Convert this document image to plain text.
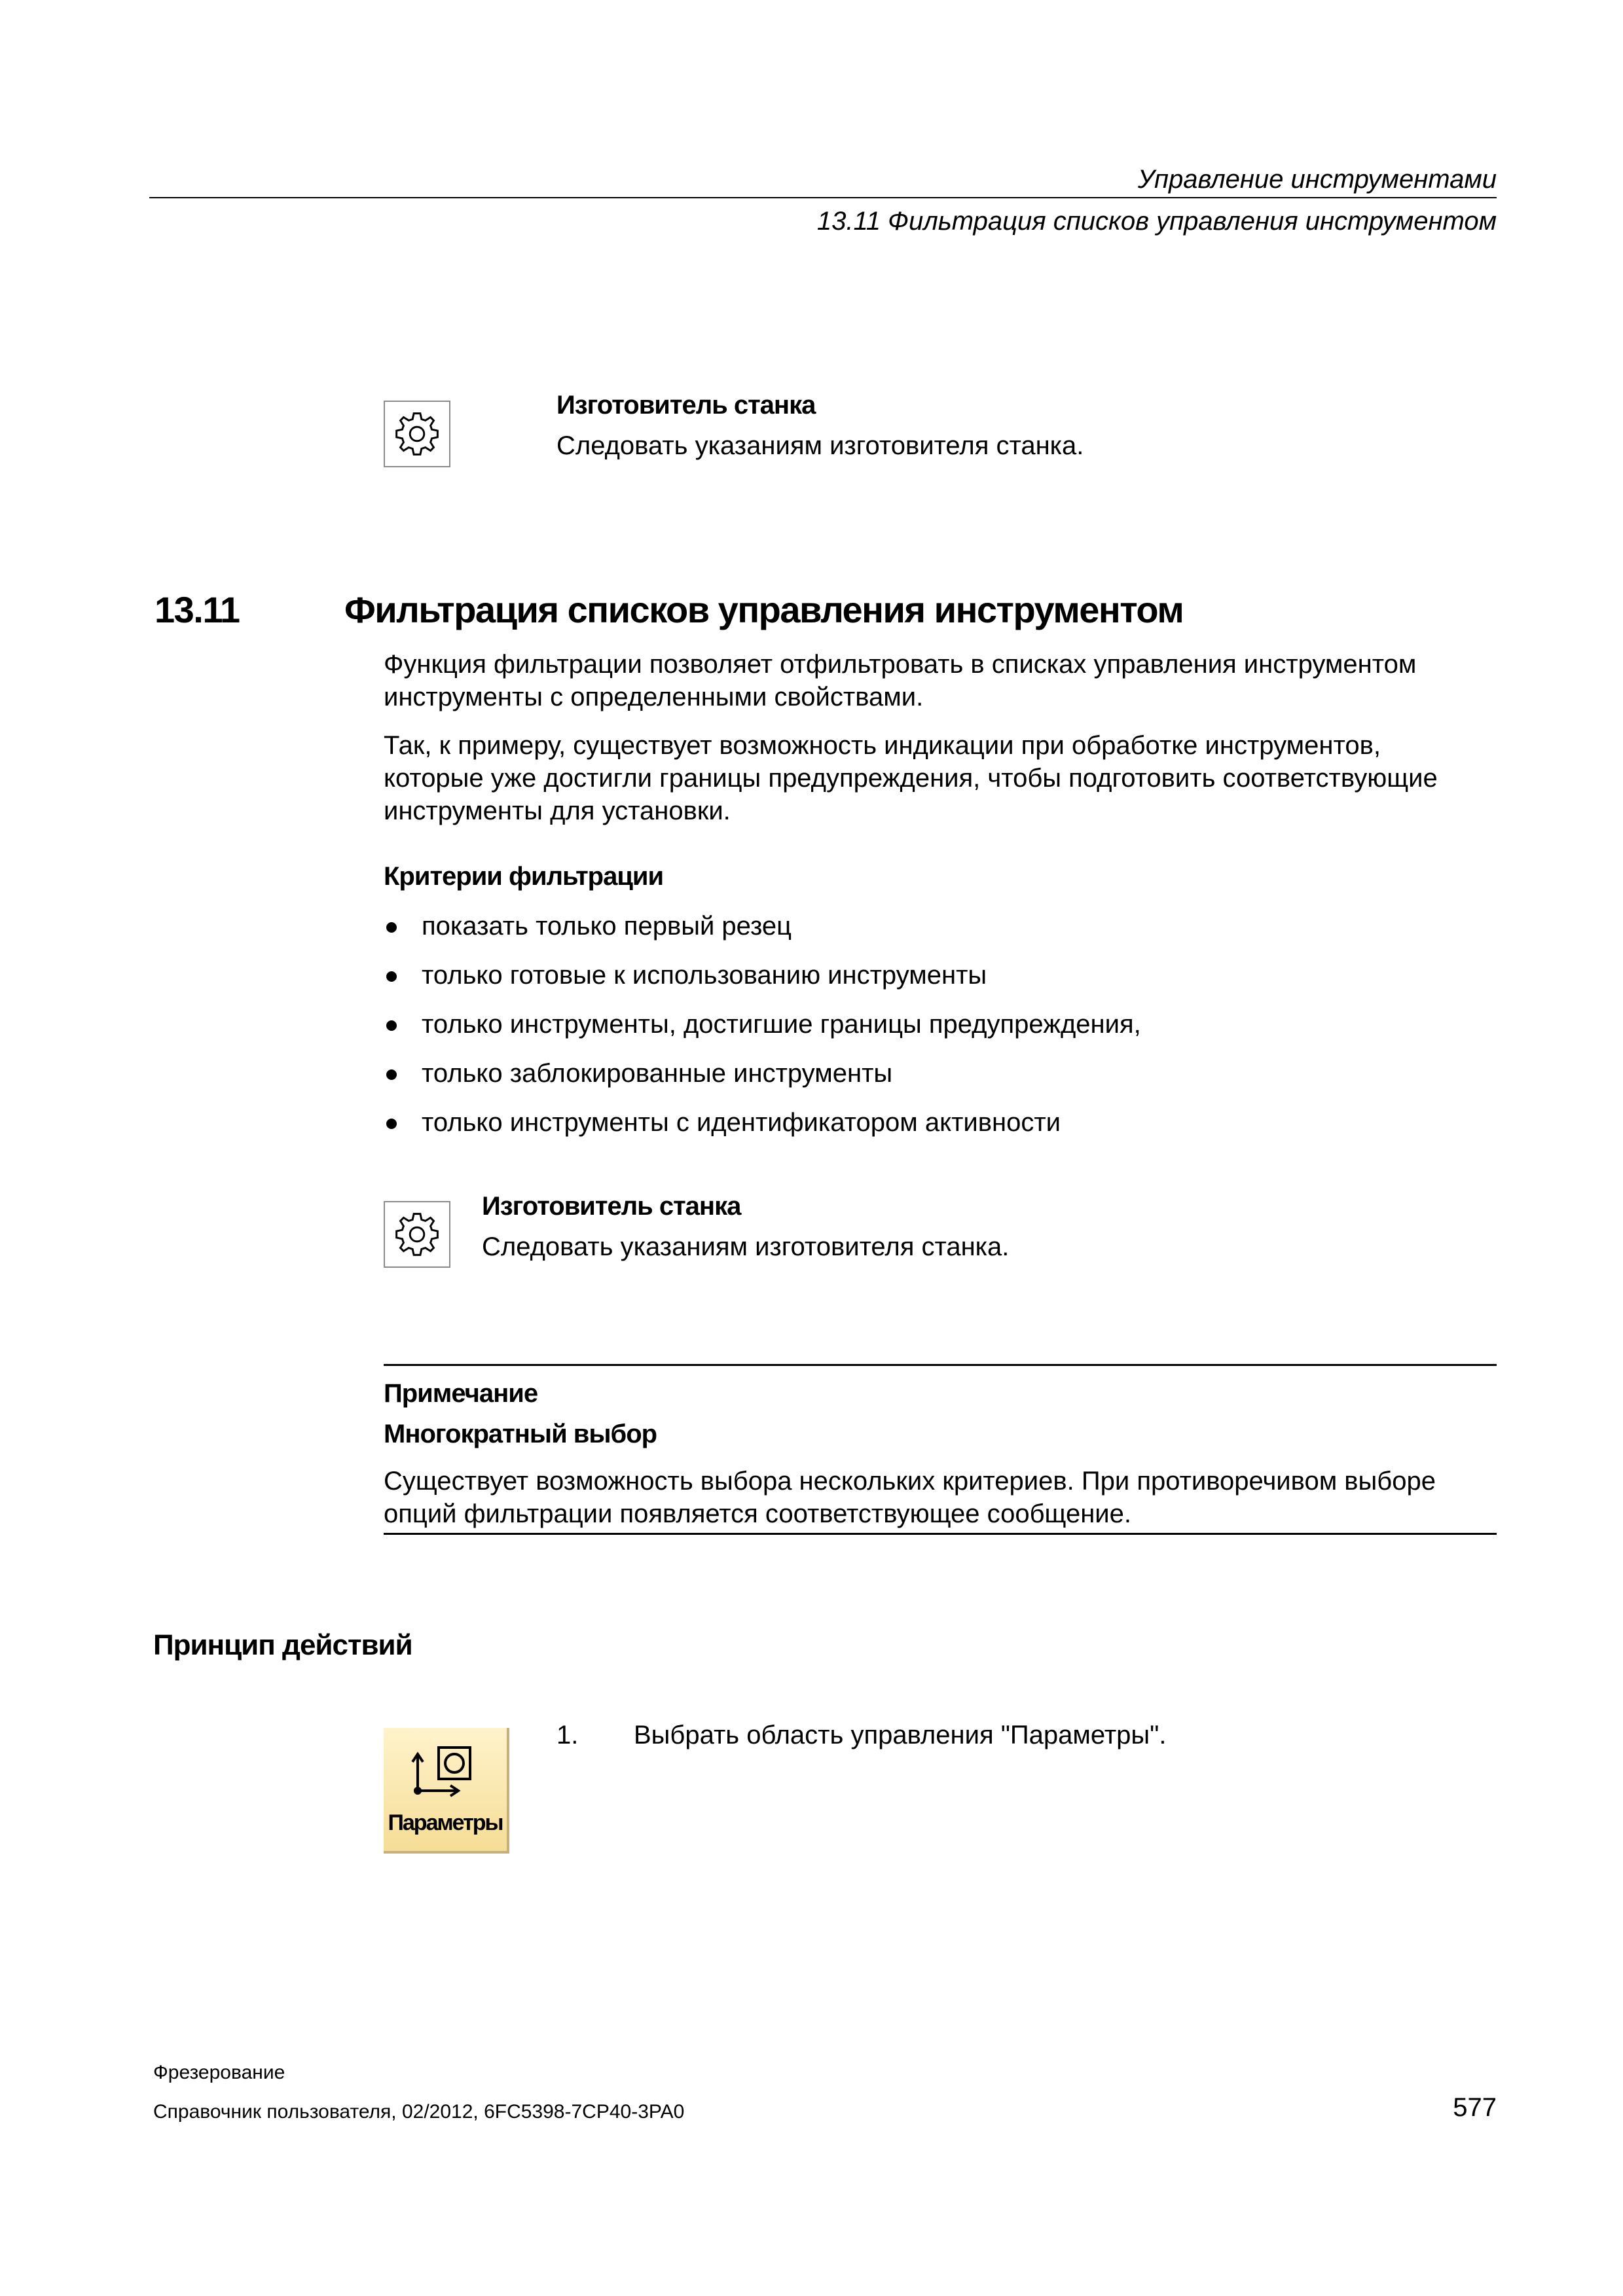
Управление инструментами
13.11 Фильтрация списков управления инструментом
Изготовитель станка
Следовать указаниям изготовителя станка.
13.11	Фильтрация списков управления инструментом
Функция фильтрации позволяет отфильтровать в списках управления инструментом
инструменты с определенными свойствами.
Так, к примеру, существует возможность индикации при обработке инструментов,
которые уже достигли границы предупреждения, чтобы подготовить соответствующие
инструменты для установки.
Критерии фильтрации
показать только первый резец
только готовые к использованию инструменты
только инструменты, достигшие границы предупреждения,
только заблокированные инструменты
только инструменты с идентификатором активности
Изготовитель станка
Следовать указаниям изготовителя станка.
Примечание
Многократный выбор
Существует возможность выбора нескольких критериев. При противоречивом выборе
опций фильтрации появляется соответствующее сообщение.
Принцип действий
Параметры
1. Выбрать область управления "Параметры".
Фрезерование
Справочник пользователя, 02/2012, 6FC5398-7CP40-3PA0	577
